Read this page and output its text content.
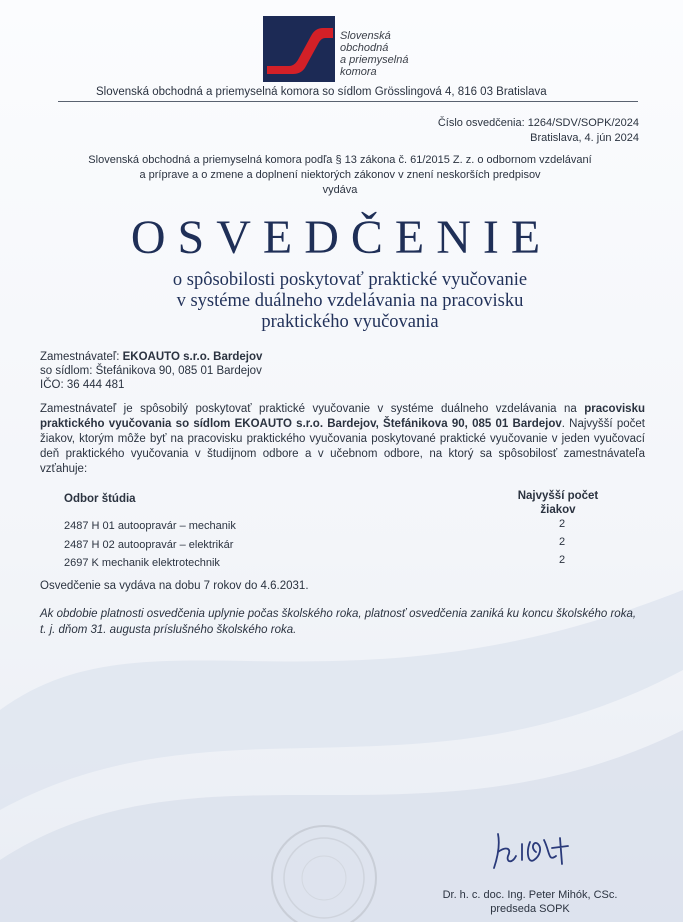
Slovenská
obchodná
a priemyselná
komora
Slovenská obchodná a priemyselná komora so sídlom Grösslingová 4, 816 03 Bratislava
Číslo osvedčenia: 1264/SDV/SOPK/2024
Bratislava, 4. jún 2024
Slovenská obchodná a priemyselná komora podľa § 13 zákona č. 61/2015 Z. z. o odbornom vzdelávaní
a príprave a o zmene a doplnení niektorých zákonov v znení neskorších predpisov
vydáva
OSVEDČENIE
o spôsobilosti poskytovať praktické vyučovanie
v systéme duálneho vzdelávania na pracovisku
praktického vyučovania
Zamestnávateľ: EKOAUTO s.r.o. Bardejov
so sídlom: Štefánikova 90, 085 01 Bardejov
IČO: 36 444 481
Zamestnávateľ je spôsobilý poskytovať praktické vyučovanie v systéme duálneho vzdelávania na pracovisku praktického vyučovania so sídlom EKOAUTO s.r.o. Bardejov, Štefánikova 90, 085 01 Bardejov. Najvyšší počet žiakov, ktorým môže byť na pracovisku praktického vyučovania poskytované praktické vyučovanie v jeden vyučovací deň praktického vyučovania v študijnom odbore a v učebnom odbore, na ktorý sa spôsobilosť zamestnávateľa vzťahuje:
Odbor štúdia	Najvyšší počet
žiakov
2487 H 01 autoopravár – mechanik	2
2487 H 02 autoopravár – elektrikár	2
2697 K mechanik elektrotechnik	2
Osvedčenie sa vydáva na dobu 7 rokov do 4.6.2031.
Ak obdobie platnosti osvedčenia uplynie počas školského roka, platnosť osvedčenia zaniká ku koncu školského roka, t. j. dňom 31. augusta príslušného školského roka.
Dr. h. c. doc. Ing. Peter Mihók, CSc.
predseda SOPK
